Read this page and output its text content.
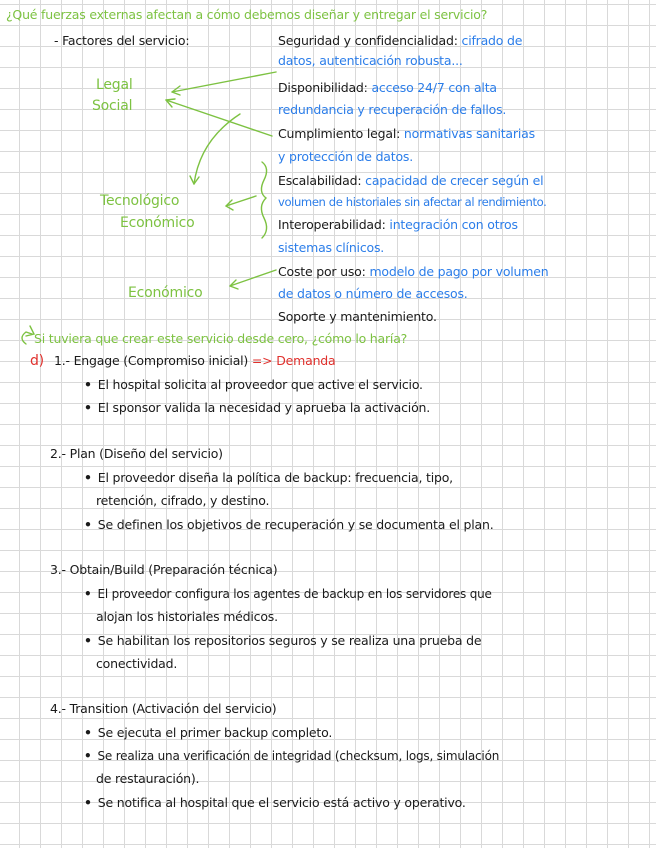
¿Qué fuerzas externas afectan a cómo debemos diseñar y entregar el servicio?
- Factores del servicio:	Seguridad y confidencialidad: cifrado de
datos, autenticación robusta...
Disponibilidad: acceso 24/7 con alta
redundancia y recuperación de fallos.
Cumplimiento legal: normativas sanitarias
y protección de datos.
Escalabilidad: capacidad de crecer según el
volumen de historiales sin afectar al rendimiento.
Interoperabilidad: integración con otros
sistemas clínicos.
Coste por uso: modelo de pago por volumen
de datos o número de accesos.
Soporte y mantenimiento.
Legal
Social
Tecnológico
Económico
Económico
Si tuviera que crear este servicio desde cero, ¿cómo lo haría?
d) 1.- Engage (Compromiso inicial) => Demanda
• El hospital solicita al proveedor que active el servicio.
• El sponsor valida la necesidad y aprueba la activación.
2.- Plan (Diseño del servicio)
• El proveedor diseña la política de backup: frecuencia, tipo,
retención, cifrado, y destino.
• Se definen los objetivos de recuperación y se documenta el plan.
3.- Obtain/Build (Preparación técnica)
• El proveedor configura los agentes de backup en los servidores que
alojan los historiales médicos.
• Se habilitan los repositorios seguros y se realiza una prueba de
conectividad.
4.- Transition (Activación del servicio)
• Se ejecuta el primer backup completo.
• Se realiza una verificación de integridad (checksum, logs, simulación
de restauración).
• Se notifica al hospital que el servicio está activo y operativo.
